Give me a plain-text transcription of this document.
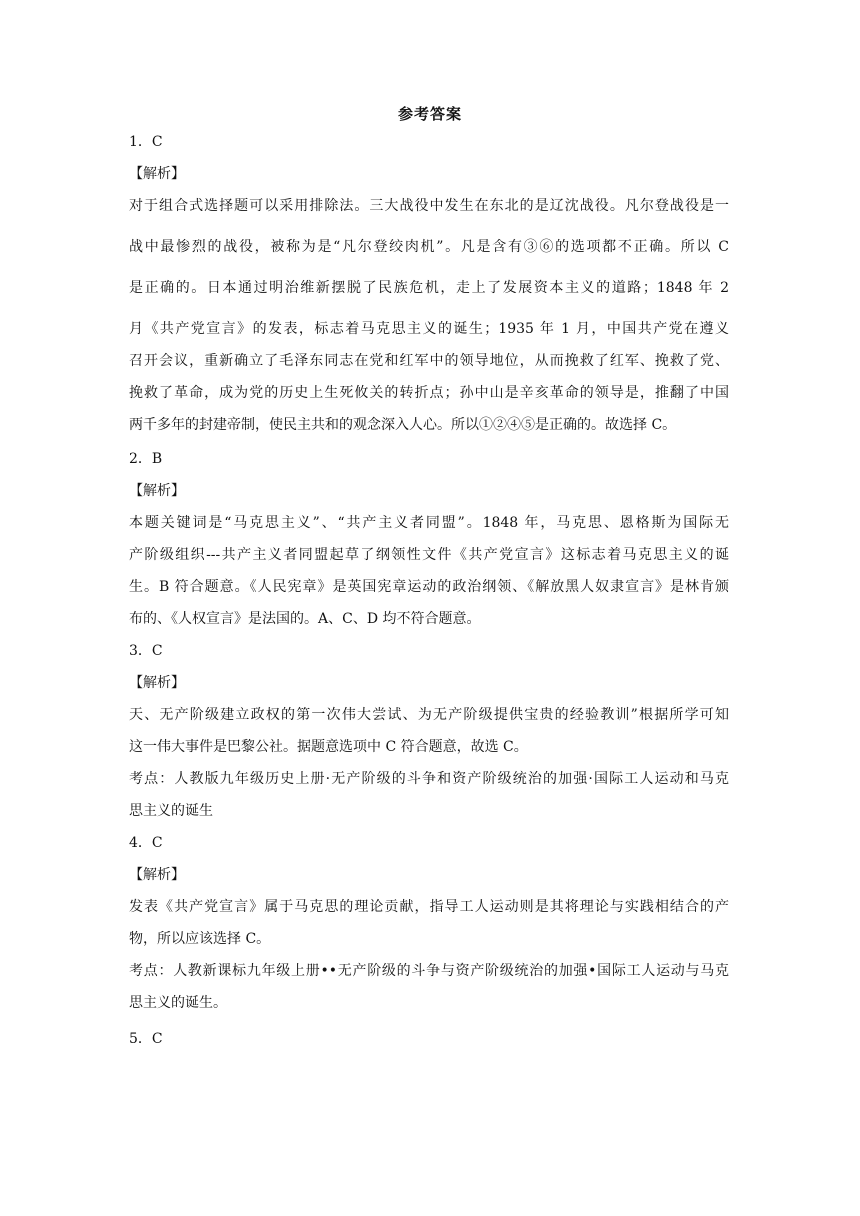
参考答案
1．C
【解析】
对于组合式选择题可以采用排除法。三大战役中发生在东北的是辽沈战役。凡尔登战役是一
战中最惨烈的战役，被称为是“凡尔登绞肉机”。凡是含有③⑥的选项都不正确。所以 C
是正确的。日本通过明治维新摆脱了民族危机，走上了发展资本主义的道路；1848 年 2
月《共产党宣言》的发表，标志着马克思主义的诞生；1935 年 1 月，中国共产党在遵义
召开会议，重新确立了毛泽东同志在党和红军中的领导地位，从而挽救了红军、挽救了党、
挽救了革命，成为党的历史上生死攸关的转折点；孙中山是辛亥革命的领导是，推翻了中国
两千多年的封建帝制，使民主共和的观念深入人心。所以①②④⑤是正确的。故选择 C。
2．B
【解析】
本题关键词是“马克思主义”、“共产主义者同盟”。1848 年，马克思、恩格斯为国际无
产阶级组织---共产主义者同盟起草了纲领性文件《共产党宣言》这标志着马克思主义的诞
生。B 符合题意。《人民宪章》是英国宪章运动的政治纲领、《解放黑人奴隶宣言》是林肯颁
布的、《人权宣言》是法国的。A、C、D 均不符合题意。
3．C
【解析】
天、无产阶级建立政权的第一次伟大尝试、为无产阶级提供宝贵的经验教训”根据所学可知
这一伟大事件是巴黎公社。据题意选项中 C 符合题意，故选 C。
考点：人教版九年级历史上册·无产阶级的斗争和资产阶级统治的加强·国际工人运动和马克
思主义的诞生
4．C
【解析】
发表《共产党宣言》属于马克思的理论贡献，指导工人运动则是其将理论与实践相结合的产
物，所以应该选择 C。
考点：人教新课标九年级上册••无产阶级的斗争与资产阶级统治的加强•国际工人运动与马克
思主义的诞生。
5．C
